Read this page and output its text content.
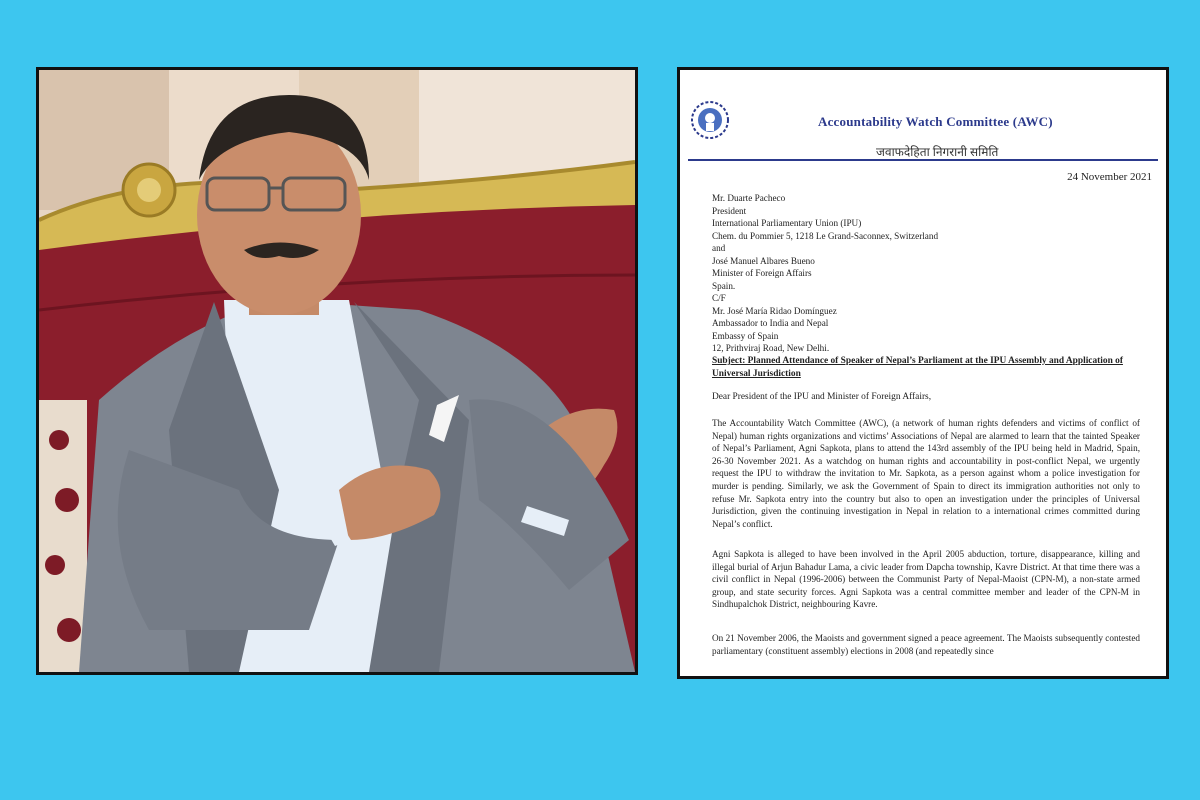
Accountability Watch Committee (AWC)
जवाफदेहिता निगरानी समिति
24 November 2021
Mr. Duarte Pacheco
President
International Parliamentary Union (IPU)
Chem. du Pommier 5, 1218 Le Grand-Saconnex, Switzerland
and
José Manuel Albares Bueno
Minister of Foreign Affairs
Spain.
C/F
Mr. José María Ridao Domínguez
Ambassador to India and Nepal
Embassy of Spain
12, Prithviraj Road, New Delhi.
Subject: Planned Attendance of Speaker of Nepal’s Parliament at the IPU Assembly and Application of Universal Jurisdiction
Dear President of the IPU and Minister of Foreign Affairs,
The Accountability Watch Committee (AWC), (a network of human rights defenders and victims of conflict of Nepal) human rights organizations and victims’ Associations of Nepal are alarmed to learn that the tainted Speaker of Nepal’s Parliament, Agni Sapkota, plans to attend the 143rd assembly of the IPU being held in Madrid, Spain, 26-30 November 2021. As a watchdog on human rights and accountability in post-conflict Nepal, we urgently request the IPU to withdraw the invitation to Mr. Sapkota, as a person against whom a police investigation for murder is pending. Similarly, we ask the Government of Spain to direct its immigration authorities not only to refuse Mr. Sapkota entry into the country but also to open an investigation under the principles of Universal Jurisdiction, given the continuing investigation in Nepal in relation to a international crimes committed during Nepal’s conflict.
Agni Sapkota is alleged to have been involved in the April 2005 abduction, torture, disappearance, killing and illegal burial of Arjun Bahadur Lama, a civic leader from Dapcha township, Kavre District. At that time there was a civil conflict in Nepal (1996-2006) between the Communist Party of Nepal-Maoist (CPN-M), a non-state armed group, and state security forces. Agni Sapkota was a central committee member and leader of the CPN-M in Sindhupalchok District, neighbouring Kavre.
On 21 November 2006, the Maoists and government signed a peace agreement. The Maoists subsequently contested parliamentary (constituent assembly) elections in 2008 (and repeatedly since
